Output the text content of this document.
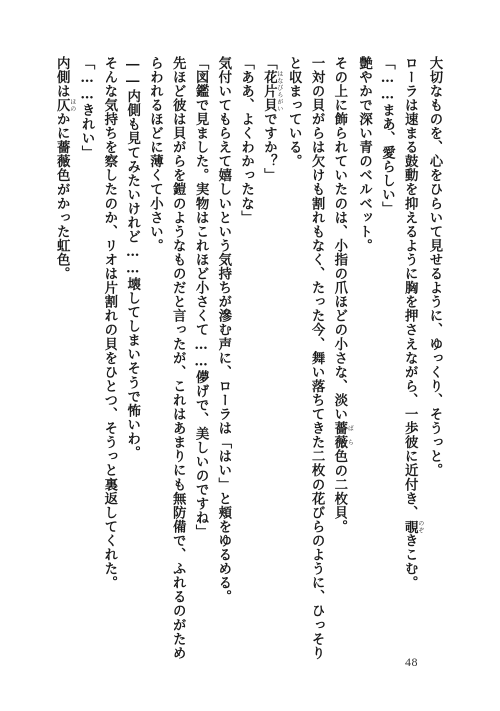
大切なものを、心をひらいて見せるように、ゆっくり、そうっと。
ローラは速まる鼓動を抑えるように胸を押さえながら、一歩彼に近付き、覗のぞきこむ。
「……まあ、愛らしい」
艶やかで深い青のベルベット。
その上に飾られていたのは、小指の爪ほどの小さな、淡い薔薇ばら色の二枚貝。
一対の貝がらは欠けも割れもなく、たった今、舞い落ちてきた二枚の花びらのように、ひっそり
と収まっている。
「花片貝はなびらがいですか？」
「ああ、よくわかったな」
気付いてもらえて嬉しいという気持ちが滲む声に、ローラは「はい」と頬をゆるめる。
「図鑑で見ました。実物はこれほど小さくて……儚げで、美しいのですね」
先ほど彼は貝がらを鎧のようなものだと言ったが、これはあまりにも無防備で、ふれるのがため
らわれるほどに薄くて小さい。
――内側も見てみたいけれど……壊してしまいそうで怖いわ。
そんな気持ちを察したのか、リオは片割れの貝をひとつ、そうっと裏返してくれた。
「……きれい」
内側は仄ほのかに薔薇色がかった虹色。
48
